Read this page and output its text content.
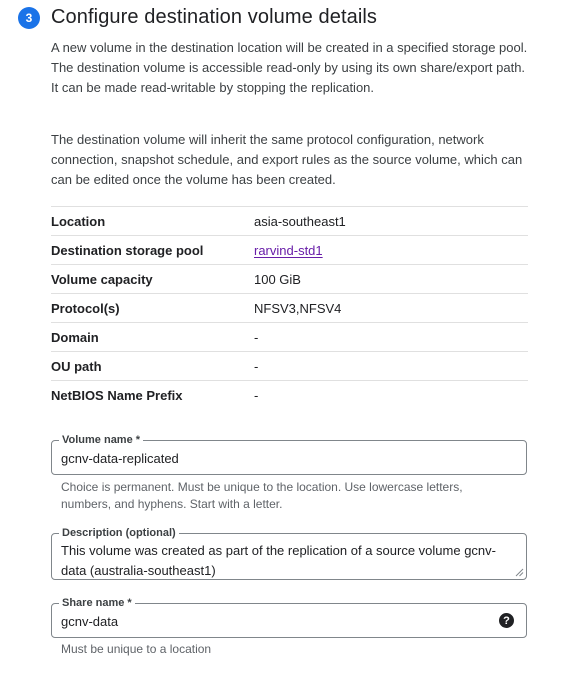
3 Configure destination volume details

A new volume in the destination location will be created in a specified storage pool. The destination volume is accessible read-only by using its own share/export path. It can be made read-writable by stopping the replication.

The destination volume will inherit the same protocol configuration, network connection, snapshot schedule, and export rules as the source volume, which can can be edited once the volume has been created.

Location	asia-southeast1
Destination storage pool	rarvind-std1
Volume capacity	100 GiB
Protocol(s)	NFSV3,NFSV4
Domain	-
OU path	-
NetBIOS Name Prefix	-
Volume name *
gcnv-data-replicated
Choice is permanent. Must be unique to the location. Use lowercase letters, numbers, and hyphens. Start with a letter.
Description (optional)
This volume was created as part of the replication of a source volume gcnv-data (australia-southeast1)
Share name *
gcnv-data	?
Must be unique to a location
